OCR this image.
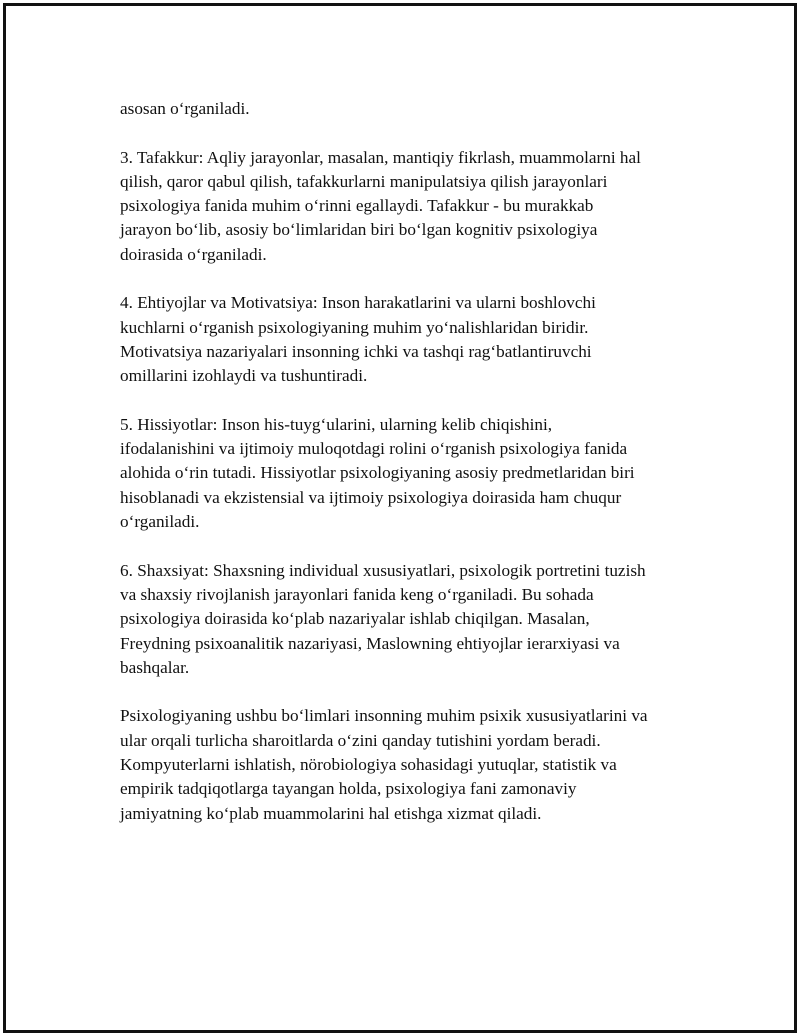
asosan o‘rganiladi.

3. Tafakkur: Aqliy jarayonlar, masalan, mantiqiy fikrlash, muammolarni hal
qilish, qaror qabul qilish, tafakkurlarni manipulatsiya qilish jarayonlari
psixologiya fanida muhim o‘rinni egallaydi. Tafakkur - bu murakkab
jarayon bo‘lib, asosiy bo‘limlaridan biri bo‘lgan kognitiv psixologiya
doirasida o‘rganiladi.

4. Ehtiyojlar va Motivatsiya: Inson harakatlarini va ularni boshlovchi
kuchlarni o‘rganish psixologiyaning muhim yo‘nalishlaridan biridir.
Motivatsiya nazariyalari insonning ichki va tashqi rag‘batlantiruvchi
omillarini izohlaydi va tushuntiradi.

5. Hissiyotlar: Inson his-tuyg‘ularini, ularning kelib chiqishini,
ifodalanishini va ijtimoiy muloqotdagi rolini o‘rganish psixologiya fanida
alohida o‘rin tutadi. Hissiyotlar psixologiyaning asosiy predmetlaridan biri
hisoblanadi va ekzistensial va ijtimoiy psixologiya doirasida ham chuqur
o‘rganiladi.

6. Shaxsiyat: Shaxsning individual xususiyatlari, psixologik portretini tuzish
va shaxsiy rivojlanish jarayonlari fanida keng o‘rganiladi. Bu sohada
psixologiya doirasida ko‘plab nazariyalar ishlab chiqilgan. Masalan,
Freydning psixoanalitik nazariyasi, Maslowning ehtiyojlar ierarxiyasi va
bashqalar.

Psixologiyaning ushbu bo‘limlari insonning muhim psixik xususiyatlarini va
ular orqali turlicha sharoitlarda o‘zini qanday tutishini yordam beradi.
Kompyuterlarni ishlatish, nörobiologiya sohasidagi yutuqlar, statistik va
empirik tadqiqotlarga tayangan holda, psixologiya fani zamonaviy
jamiyatning ko‘plab muammolarini hal etishga xizmat qiladi.
